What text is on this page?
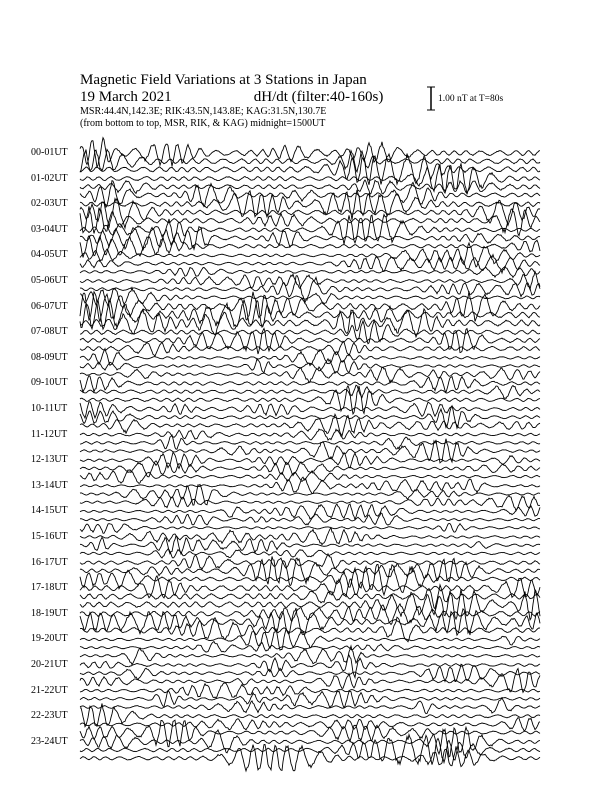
Magnetic Field Variations at 3 Stations in Japan
19 March 2021	dH/dt (filter:40-160s)
MSR:44.4N,142.3E; RIK:43.5N,143.8E; KAG:31.5N,130.7E
(from bottom to top, MSR, RIK, & KAG) midnight=1500UT
1.00 nT at T=80s
00-01UT
01-02UT
02-03UT
03-04UT
04-05UT
05-06UT
06-07UT
07-08UT
08-09UT
09-10UT
10-11UT
11-12UT
12-13UT
13-14UT
14-15UT
15-16UT
16-17UT
17-18UT
18-19UT
19-20UT
20-21UT
21-22UT
22-23UT
23-24UT
